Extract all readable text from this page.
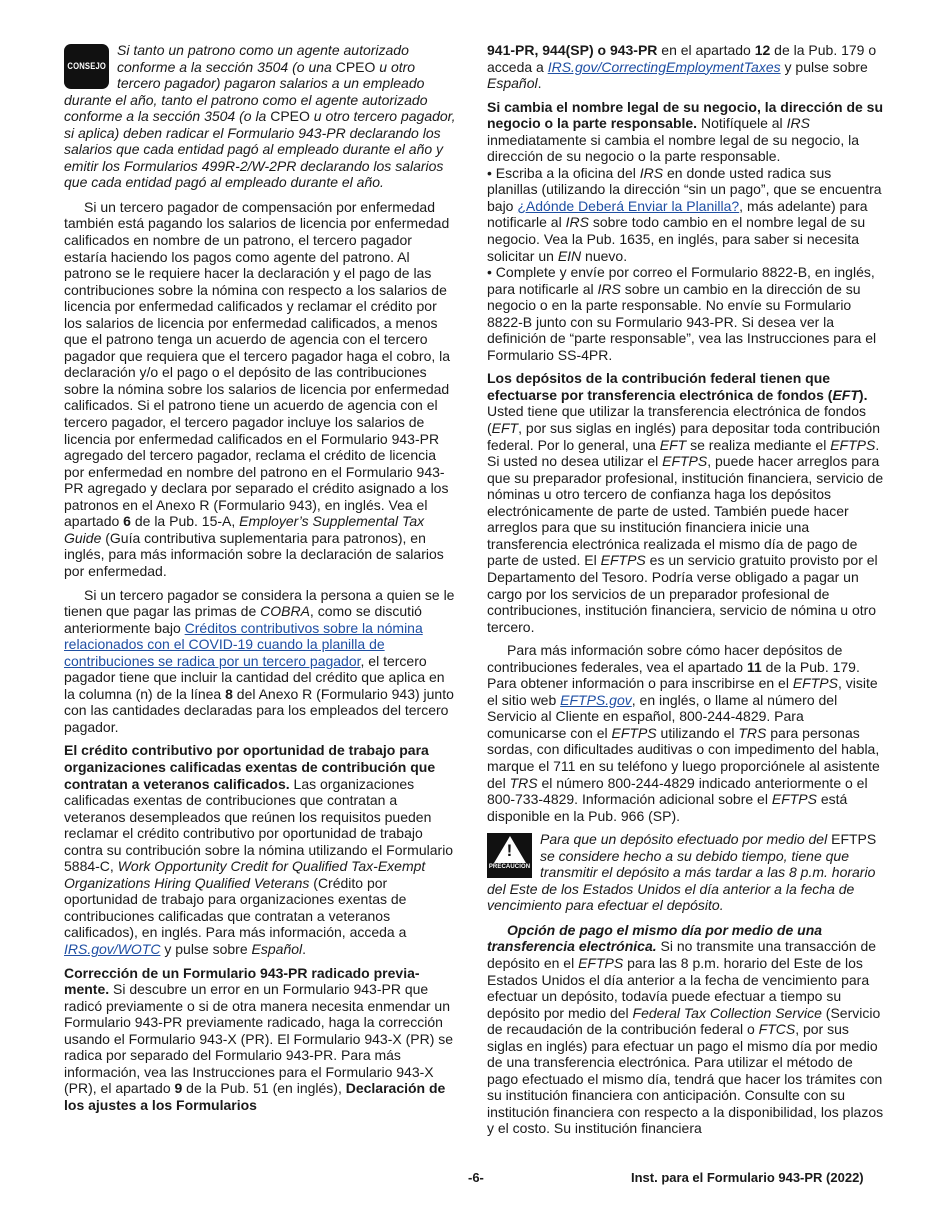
CONSEJO

Si tanto un patrono como un agente autorizado conforme a la sección 3504 (o una CPEO u otro tercero pagador) pagaron salarios a un empleado durante el año, tanto el patrono como el agente autorizado conforme a la sección 3504 (o la CPEO u otro tercero pagador, si aplica) deben radicar el Formulario 943-PR declarando los salarios que cada entidad pagó al empleado durante el año y emitir los Formularios 499R-2/W-2PR declarando los salarios que cada entidad pagó al empleado durante el año.

Si un tercero pagador de compensación por enfermedad también está pagando los salarios de licencia por enfermedad calificados en nombre de un patrono, el tercero pagador estaría haciendo los pagos como agente del patrono. Al patrono se le requiere hacer la declaración y el pago de las contribuciones sobre la nómina con respecto a los salarios de licencia por enfermedad calificados y reclamar el crédito por los salarios de licencia por enfermedad calificados, a menos que el patrono tenga un acuerdo de agencia con el tercero pagador que requiera que el tercero pagador haga el cobro, la declaración y/o el pago o el depósito de las contribuciones sobre la nómina sobre los salarios de licencia por enfermedad calificados. Si el patrono tiene un acuerdo de agencia con el tercero pagador, el tercero pagador incluye los salarios de licencia por enfermedad calificados en el Formulario 943-PR agregado del tercero pagador, reclama el crédito de licencia por enfermedad en nombre del patrono en el Formulario 943-PR agregado y declara por separado el crédito asignado a los patronos en el Anexo R (Formulario 943), en inglés. Vea el apartado 6 de la Pub. 15-A, Employer’s Supplemental Tax Guide (Guía contributiva suplementaria para patronos), en inglés, para más información sobre la declaración de salarios por enfermedad.

Si un tercero pagador se considera la persona a quien se le tienen que pagar las primas de COBRA, como se discutió anteriormente bajo Créditos contributivos sobre la nómina relacionados con el COVID-19 cuando la planilla de contribuciones se radica por un tercero pagador, el tercero pagador tiene que incluir la cantidad del crédito que aplica en la columna (n) de la línea 8 del Anexo R (Formulario 943) junto con las cantidades declaradas para los empleados del tercero pagador.

El crédito contributivo por oportunidad de trabajo para organizaciones calificadas exentas de contribución que contratan a veteranos calificados. Las organizaciones calificadas exentas de contribuciones que contratan a veteranos desempleados que reúnen los requisitos pueden reclamar el crédito contributivo por oportunidad de trabajo contra su contribución sobre la nómina utilizando el Formulario 5884-C, Work Opportunity Credit for Qualified Tax-Exempt Organizations Hiring Qualified Veterans (Crédito por oportunidad de trabajo para organizaciones exentas de contribuciones calificadas que contratan a veteranos calificados), en inglés. Para más información, acceda a IRS.gov/WOTC y pulse sobre Español.

Corrección de un Formulario 943-PR radicado previa-mente. Si descubre un error en un Formulario 943-PR que radicó previamente o si de otra manera necesita enmendar un Formulario 943-PR previamente radicado, haga la corrección usando el Formulario 943-X (PR). El Formulario 943-X (PR) se radica por separado del Formulario 943-PR. Para más información, vea las Instrucciones para el Formulario 943-X (PR), el apartado 9 de la Pub. 51 (en inglés), Declaración de los ajustes a los Formularios

941-PR, 944(SP) o 943-PR en el apartado 12 de la Pub. 179 o acceda a IRS.gov/CorrectingEmploymentTaxes y pulse sobre Español.

Si cambia el nombre legal de su negocio, la dirección de su negocio o la parte responsable. Notifíquele al IRS inmediatamente si cambia el nombre legal de su negocio, la dirección de su negocio o la parte responsable.

• Escriba a la oficina del IRS en donde usted radica sus planillas (utilizando la dirección “sin un pago”, que se encuentra bajo ¿Adónde Deberá Enviar la Planilla?, más adelante) para notificarle al IRS sobre todo cambio en el nombre legal de su negocio. Vea la Pub. 1635, en inglés, para saber si necesita solicitar un EIN nuevo.

• Complete y envíe por correo el Formulario 8822-B, en inglés, para notificarle al IRS sobre un cambio en la dirección de su negocio o en la parte responsable. No envíe su Formulario 8822-B junto con su Formulario 943-PR. Si desea ver la definición de “parte responsable”, vea las Instrucciones para el Formulario SS-4PR.

Los depósitos de la contribución federal tienen que efectuarse por transferencia electrónica de fondos (EFT). Usted tiene que utilizar la transferencia electrónica de fondos (EFT, por sus siglas en inglés) para depositar toda contribución federal. Por lo general, una EFT se realiza mediante el EFTPS. Si usted no desea utilizar el EFTPS, puede hacer arreglos para que su preparador profesional, institución financiera, servicio de nóminas u otro tercero de confianza haga los depósitos electrónicamente de parte de usted. También puede hacer arreglos para que su institución financiera inicie una transferencia electrónica realizada el mismo día de pago de parte de usted. El EFTPS es un servicio gratuito provisto por el Departamento del Tesoro. Podría verse obligado a pagar un cargo por los servicios de un preparador profesional de contribuciones, institución financiera, servicio de nómina u otro tercero.

Para más información sobre cómo hacer depósitos de contribuciones federales, vea el apartado 11 de la Pub. 179. Para obtener información o para inscribirse en el EFTPS, visite el sitio web EFTPS.gov, en inglés, o llame al número del Servicio al Cliente en español, 800-244-4829. Para comunicarse con el EFTPS utilizando el TRS para personas sordas, con dificultades auditivas o con impedimento del habla, marque el 711 en su teléfono y luego proporciónele al asistente del TRS el número 800-244-4829 indicado anteriormente o el 800-733-4829. Información adicional sobre el EFTPS está disponible en la Pub. 966 (SP).

!
PRECAUCION

Para que un depósito efectuado por medio del EFTPS se considere hecho a su debido tiempo, tiene que transmitir el depósito a más tardar a las 8 p.m. horario del Este de los Estados Unidos el día anterior a la fecha de vencimiento para efectuar el depósito.

Opción de pago el mismo día por medio de una transferencia electrónica. Si no transmite una transacción de depósito en el EFTPS para las 8 p.m. horario del Este de los Estados Unidos el día anterior a la fecha de vencimiento para efectuar un depósito, todavía puede efectuar a tiempo su depósito por medio del Federal Tax Collection Service (Servicio de recaudación de la contribución federal o FTCS, por sus siglas en inglés) para efectuar un pago el mismo día por medio de una transferencia electrónica. Para utilizar el método de pago efectuado el mismo día, tendrá que hacer los trámites con su institución financiera con anticipación. Consulte con su institución financiera con respecto a la disponibilidad, los plazos y el costo. Su institución financiera

-6-	Inst. para el Formulario 943-PR (2022)
